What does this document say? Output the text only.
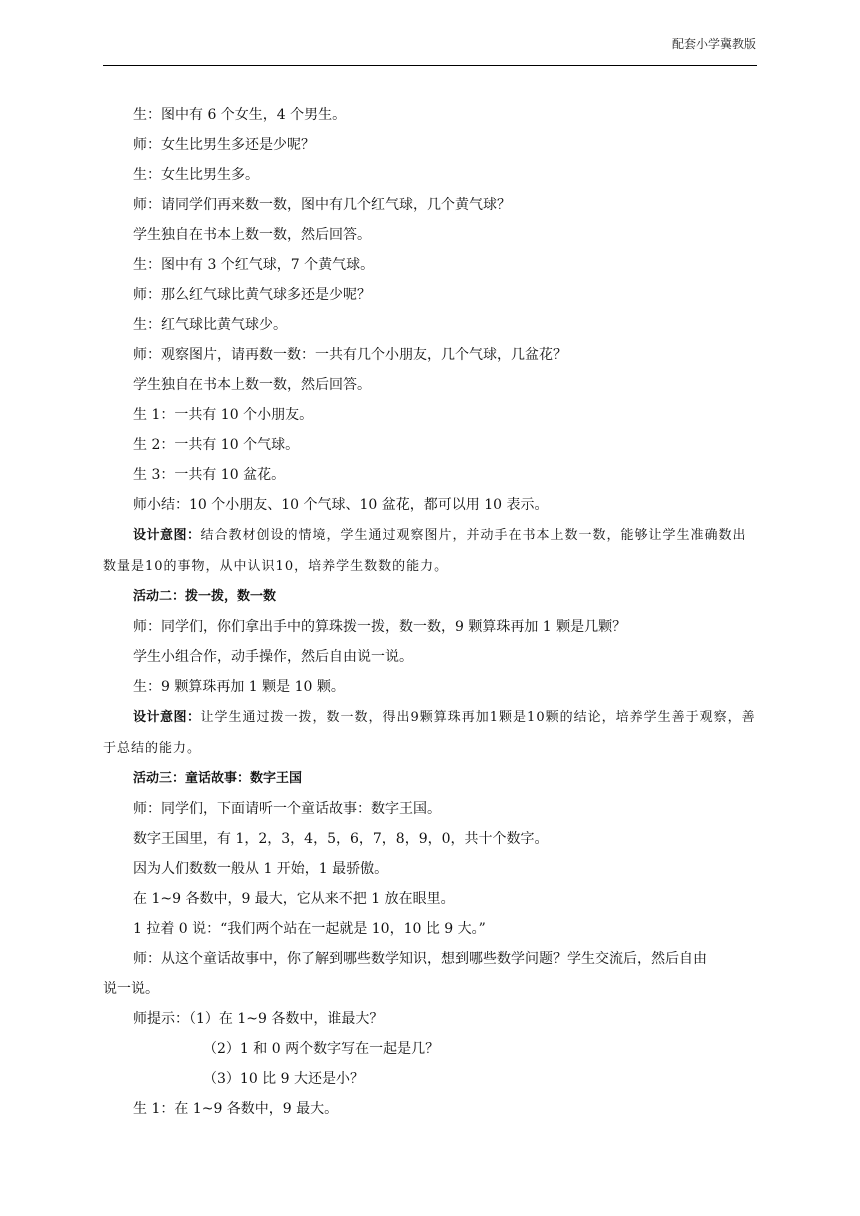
配套小学冀教版
生：图中有 6 个女生，4 个男生。
师：女生比男生多还是少呢？
生：女生比男生多。
师：请同学们再来数一数，图中有几个红气球，几个黄气球？
学生独自在书本上数一数，然后回答。
生：图中有 3 个红气球，7 个黄气球。
师：那么红气球比黄气球多还是少呢？
生：红气球比黄气球少。
师：观察图片，请再数一数：一共有几个小朋友，几个气球，几盆花？
学生独自在书本上数一数，然后回答。
生 1：一共有 10 个小朋友。
生 2：一共有 10 个气球。
生 3：一共有 10 盆花。
师小结：10 个小朋友、10 个气球、10 盆花，都可以用 10 表示。
设计意图：结合教材创设的情境，学生通过观察图片，并动手在书本上数一数，能够让学生准确数出数量是10的事物，从中认识10，培养学生数数的能力。
活动二：拨一拨，数一数
师：同学们，你们拿出手中的算珠拨一拨，数一数，9 颗算珠再加 1 颗是几颗？
学生小组合作，动手操作，然后自由说一说。
生：9 颗算珠再加 1 颗是 10 颗。
设计意图：让学生通过拨一拨，数一数，得出9颗算珠再加1颗是10颗的结论，培养学生善于观察，善于总结的能力。
活动三：童话故事：数字王国
师：同学们，下面请听一个童话故事：数字王国。
数字王国里，有 1，2，3，4，5，6，7，8，9，0，共十个数字。
因为人们数数一般从 1 开始，1 最骄傲。
在 1~9 各数中，9 最大，它从来不把 1 放在眼里。
1 拉着 0 说：“我们两个站在一起就是 10，10 比 9 大。”
师：从这个童话故事中，你了解到哪些数学知识，想到哪些数学问题？学生交流后，然后自由
说一说。
师提示：（1）在 1~9 各数中，谁最大？
（2）1 和 0 两个数字写在一起是几？
（3）10 比 9 大还是小？
生 1：在 1~9 各数中，9 最大。
